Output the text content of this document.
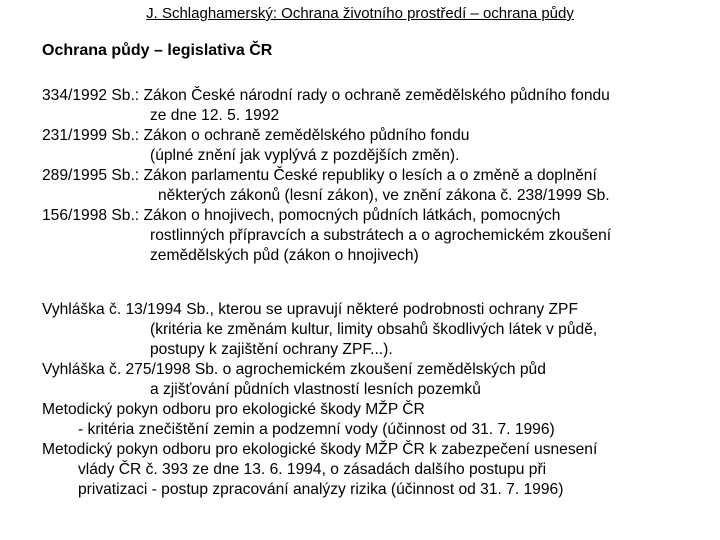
J. Schlaghamerský: Ochrana životního prostředí – ochrana půdy
Ochrana půdy – legislativa ČR
334/1992 Sb.: Zákon České národní rady o ochraně zemědělského půdního fondu
ze dne 12. 5. 1992
231/1999 Sb.: Zákon o ochraně zemědělského půdního fondu
(úplné znění jak vyplývá z pozdějších změn).
289/1995 Sb.: Zákon parlamentu České republiky o lesích a o změně a doplnění
některých zákonů (lesní zákon), ve znění zákona č. 238/1999 Sb.
156/1998 Sb.: Zákon o hnojivech, pomocných půdních látkách, pomocných
rostlinných přípravcích a substrátech a o agrochemickém zkoušení
zemědělských půd (zákon o hnojivech)
Vyhláška č. 13/1994 Sb., kterou se upravují některé podrobnosti ochrany ZPF
(kritéria ke změnám kultur, limity obsahů škodlivých látek v půdě,
postupy k zajištění ochrany ZPF...).
Vyhláška č. 275/1998 Sb. o agrochemickém zkoušení zemědělských půd
a zjišťování půdních vlastností lesních pozemků
Metodický pokyn odboru pro ekologické škody MŽP ČR
- kritéria znečištění zemin a podzemní vody (účinnost od 31. 7. 1996)
Metodický pokyn odboru pro ekologické škody MŽP ČR k zabezpečení usnesení
vlády ČR č. 393 ze dne 13. 6. 1994, o zásadách dalšího postupu při
privatizaci - postup zpracování analýzy rizika (účinnost od 31. 7. 1996)
